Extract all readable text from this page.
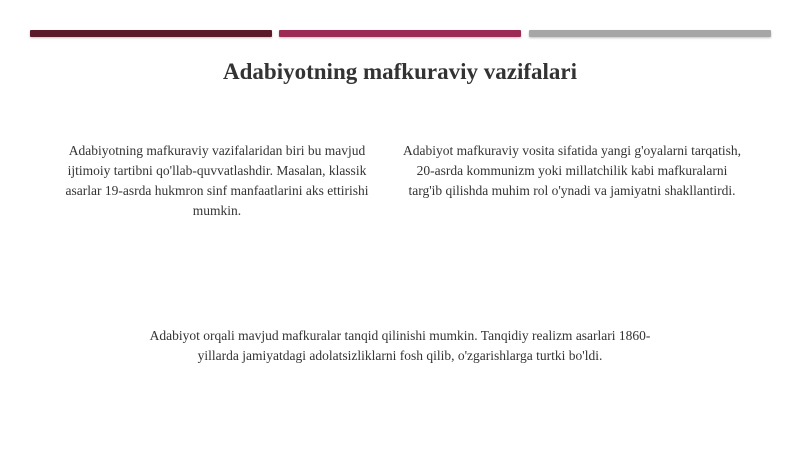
Adabiyotning mafkuraviy vazifalari
Adabiyotning mafkuraviy vazifalaridan biri bu mavjud ijtimoiy tartibni qo'llab-quvvatlashdir. Masalan, klassik asarlar 19-asrda hukmron sinf manfaatlarini aks ettirishi mumkin.
Adabiyot mafkuraviy vosita sifatida yangi g'oyalarni tarqatish, 20-asrda kommunizm yoki millatchilik kabi mafkuralarni targ'ib qilishda muhim rol o'ynadi va jamiyatni shakllantirdi.
Adabiyot orqali mavjud mafkuralar tanqid qilinishi mumkin. Tanqidiy realizm asarlari 1860-yillarda jamiyatdagi adolatsizliklarni fosh qilib, o'zgarishlarga turtki bo'ldi.
